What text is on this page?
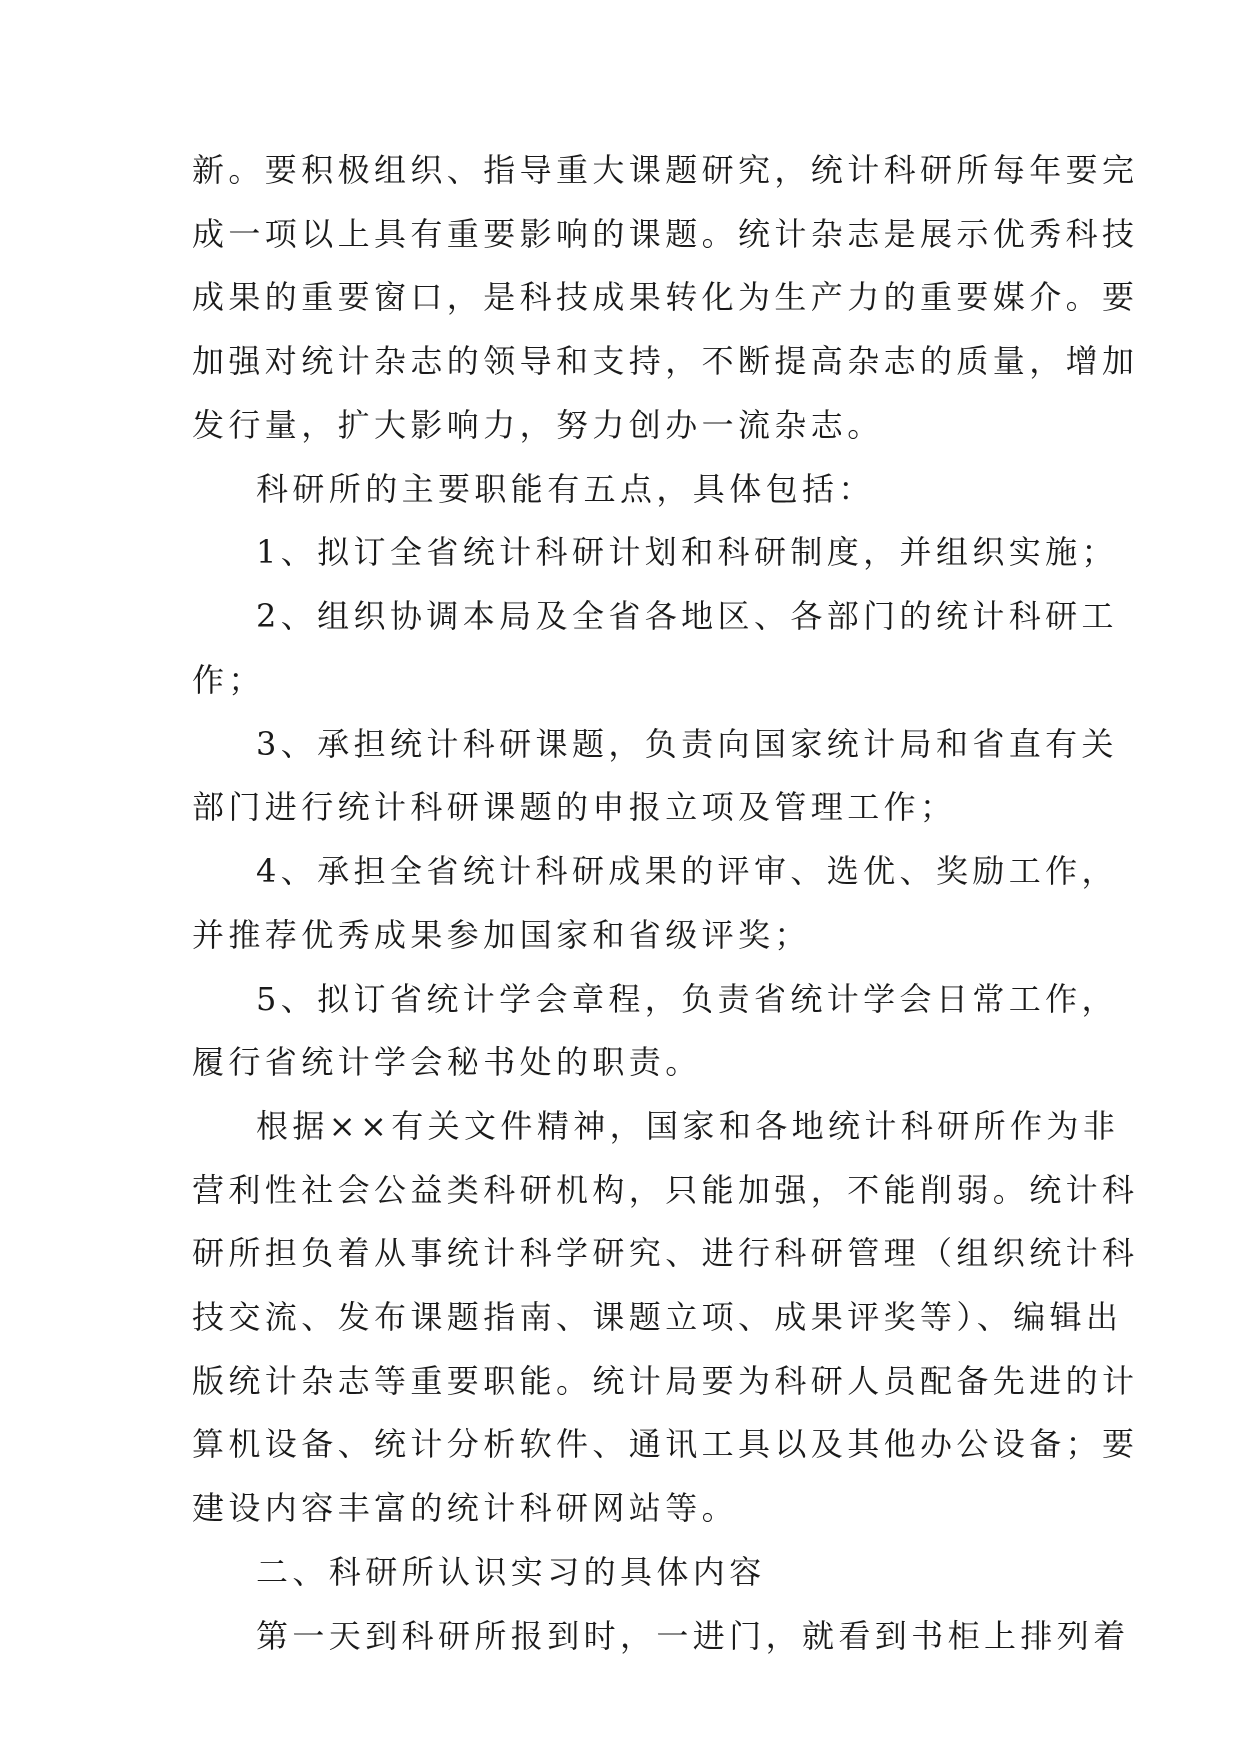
新。要积极组织、指导重大课题研究，统计科研所每年要完

成一项以上具有重要影响的课题。统计杂志是展示优秀科技

成果的重要窗口，是科技成果转化为生产力的重要媒介。要

加强对统计杂志的领导和支持，不断提高杂志的质量，增加

发行量，扩大影响力，努力创办一流杂志。

科研所的主要职能有五点，具体包括：

1、拟订全省统计科研计划和科研制度，并组织实施；

2、组织协调本局及全省各地区、各部门的统计科研工

作；

3、承担统计科研课题，负责向国家统计局和省直有关

部门进行统计科研课题的申报立项及管理工作；

4、承担全省统计科研成果的评审、选优、奖励工作，

并推荐优秀成果参加国家和省级评奖；

5、拟订省统计学会章程，负责省统计学会日常工作，

履行省统计学会秘书处的职责。

根据××有关文件精神，国家和各地统计科研所作为非

营利性社会公益类科研机构，只能加强，不能削弱。统计科

研所担负着从事统计科学研究、进行科研管理（组织统计科

技交流、发布课题指南、课题立项、成果评奖等）、编辑出

版统计杂志等重要职能。统计局要为科研人员配备先进的计

算机设备、统计分析软件、通讯工具以及其他办公设备；要

建设内容丰富的统计科研网站等。

二、科研所认识实习的具体内容

第一天到科研所报到时，一进门，就看到书柜上排列着
